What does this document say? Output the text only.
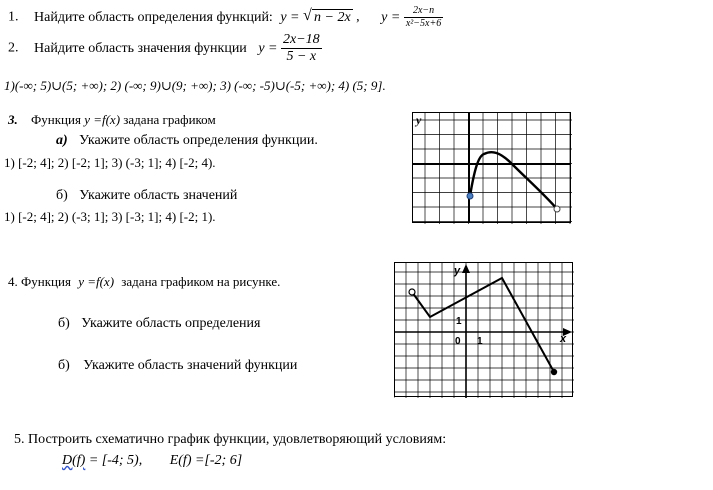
1. Найдите область определения функций: y = √ n − 2x , $y = \frac{2x-n}{\text{x²−5x+6}}$
2. Найдите область значения функции $y = \frac{2x-18}{5 - x}$
1)(-∞; 5)∪(5; +∞); 2) (-∞; 9)∪(9; +∞); 3) (-∞; -5)∪(-5; +∞); 4) (5; 9].
3. Функция y =f(x) задана графиком
а) Укажите область определения функции.
1) [-2; 4]; 2) [-2; 1]; 3) (-3; 1]; 4) [-2; 4).
б) Укажите область значений
1) [-2; 4]; 2) (-3; 1]; 3) [-3; 1]; 4) [-2; 1).
y
4. Функция y =f(x) задана графиком на рисунке.
б) Укажите область определения
б) Укажите область значений функции
y
x
0 1
1
5. Построить схематично график функции, удовлетворяющий условиям:
D(f) = [-4; 5), E(f) =[-2; 6]
